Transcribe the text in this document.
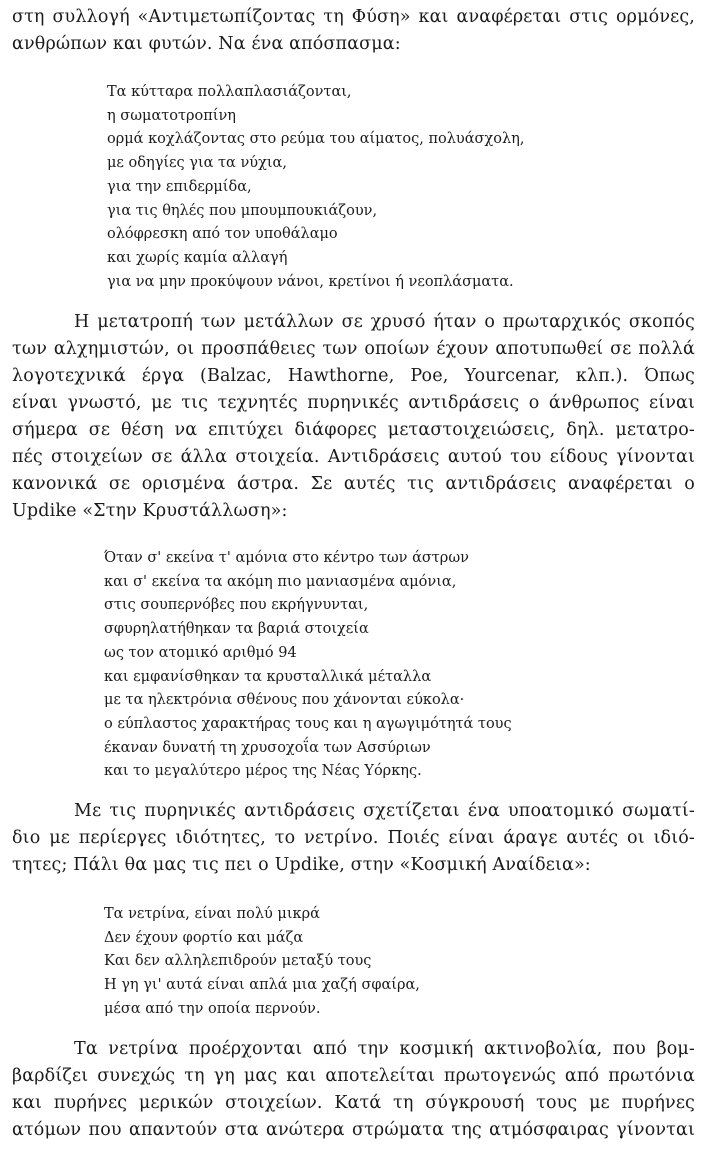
στη συλλογή «Αντιμετωπίζοντας τη Φύση» και αναφέρεται στις ορμόνες,
ανθρώπων και φυτών. Να ένα απόσπασμα:
Τα κύτταρα πολλαπλασιάζονται,
η σωματοτροπίνη
ορμά κοχλάζοντας στο ρεύμα του αίματος, πολυάσχολη,
με οδηγίες για τα νύχια,
για την επιδερμίδα,
για τις θηλές που μπουμπουκιάζουν,
ολόφρεσκη από τον υποθάλαμο
και χωρίς καμία αλλαγή
για να μην προκύψουν νάνοι, κρετίνοι ή νεοπλάσματα.
Η μετατροπή των μετάλλων σε χρυσό ήταν ο πρωταρχικός σκοπός
των αλχημιστών, οι προσπάθειες των οποίων έχουν αποτυπωθεί σε πολλά
λογοτεχνικά έργα (Balzac, Hawthorne, Poe, Yourcenar, κλπ.). Όπως
είναι γνωστό, με τις τεχνητές πυρηνικές αντιδράσεις ο άνθρωπος είναι
σήμερα σε θέση να επιτύχει διάφορες μεταστοιχειώσεις, δηλ. μετατρο-
πές στοιχείων σε άλλα στοιχεία. Αντιδράσεις αυτού του είδους γίνονται
κανονικά σε ορισμένα άστρα. Σε αυτές τις αντιδράσεις αναφέρεται ο
Updike «Στην Κρυστάλλωση»:
Όταν σ' εκείνα τ' αμόνια στο κέντρο των άστρων
και σ' εκείνα τα ακόμη πιο μανιασμένα αμόνια,
στις σουπερνόβες που εκρήγνυνται,
σφυρηλατήθηκαν τα βαριά στοιχεία
ως τον ατομικό αριθμό 94
και εμφανίσθηκαν τα κρυσταλλικά μέταλλα
με τα ηλεκτρόνια σθένους που χάνονται εύκολα·
ο εύπλαστος χαρακτήρας τους και η αγωγιμότητά τους
έκαναν δυνατή τη χρυσοχοΐα των Ασσύριων
και το μεγαλύτερο μέρος της Νέας Υόρκης.
Με τις πυρηνικές αντιδράσεις σχετίζεται ένα υποατομικό σωματί-
διο με περίεργες ιδιότητες, το νετρίνο. Ποιές είναι άραγε αυτές οι ιδιό-
τητες; Πάλι θα μας τις πει ο Updike, στην «Κοσμική Αναίδεια»:
Τα νετρίνα, είναι πολύ μικρά
Δεν έχουν φορτίο και μάζα
Και δεν αλληλεπιδρούν μεταξύ τους
Η γη γι' αυτά είναι απλά μια χαζή σφαίρα,
μέσα από την οποία περνούν.
Τα νετρίνα προέρχονται από την κοσμική ακτινοβολία, που βομ-
βαρδίζει συνεχώς τη γη μας και αποτελείται πρωτογενώς από πρωτόνια
και πυρήνες μερικών στοιχείων. Κατά τη σύγκρουσή τους με πυρήνες
ατόμων που απαντούν στα ανώτερα στρώματα της ατμόσφαιρας γίνονται
